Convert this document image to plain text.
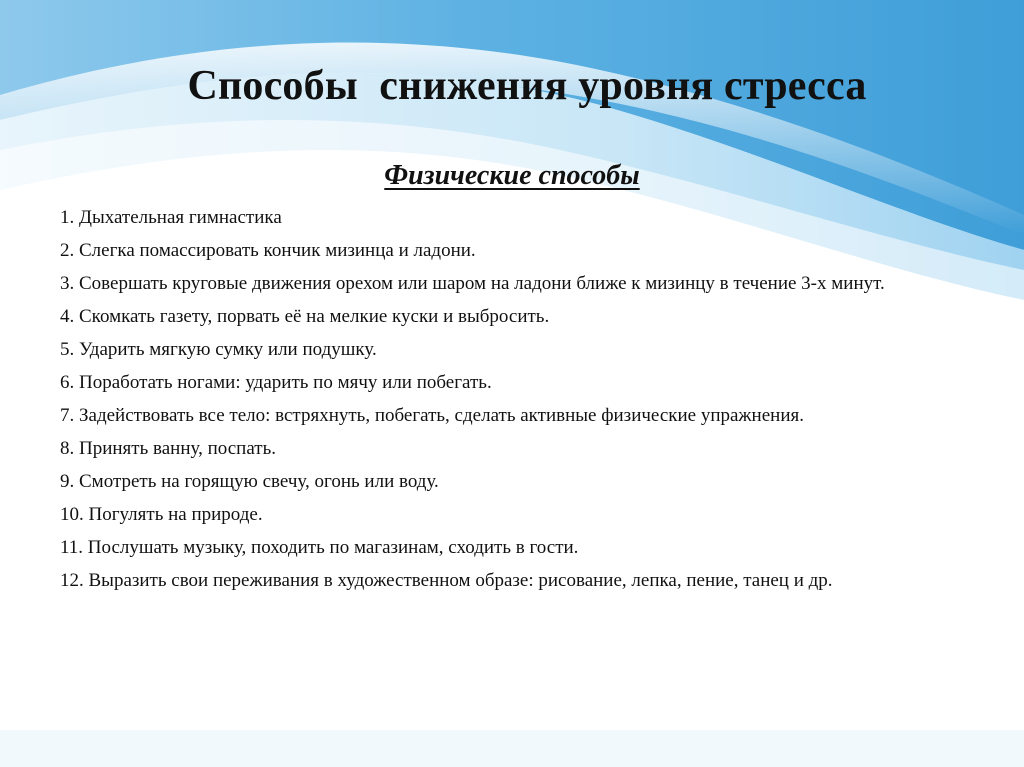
Способы  снижения уровня стресса
Физические способы
1. Дыхательная гимнастика
2. Слегка помассировать кончик мизинца и ладони.
3. Совершать круговые движения орехом или шаром на ладони ближе к мизинцу в течение 3-х минут.
4. Скомкать газету, порвать её на мелкие куски и выбросить.
5. Ударить мягкую сумку или подушку.
6. Поработать ногами: ударить по мячу или побегать.
7. Задействовать все тело: встряхнуть, побегать, сделать активные физические упражнения.
8. Принять ванну, поспать.
9. Смотреть на горящую свечу, огонь или воду.
10. Погулять на природе.
11. Послушать музыку, походить по магазинам, сходить в гости.
12. Выразить свои переживания в художественном образе: рисование, лепка, пение, танец и др.
